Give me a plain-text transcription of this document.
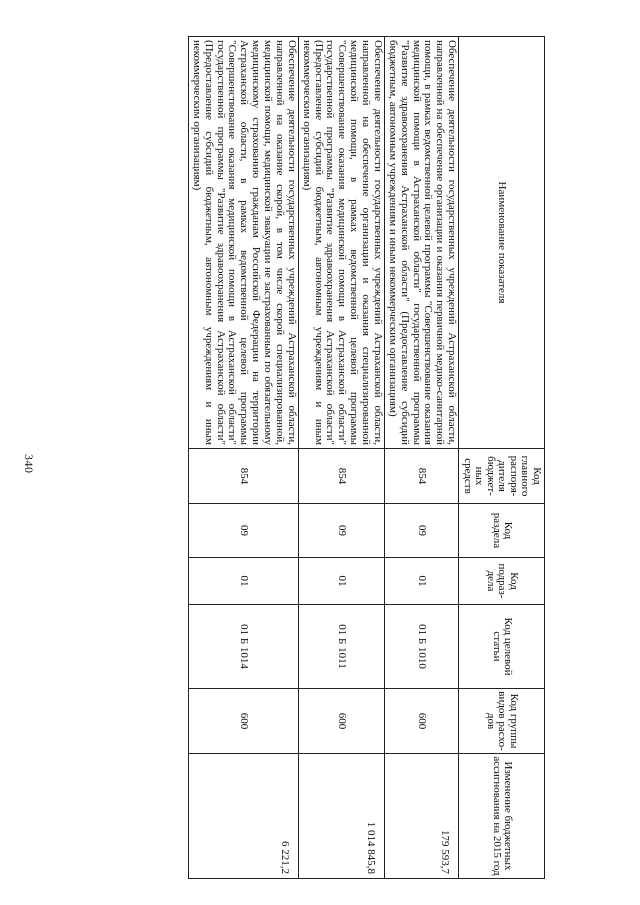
340
Наименование показателя	Код главного распоря-дителя бюджет-ных средств	Код раздела	Код подраз-дела	Код целевой статьи	Код группы видов расхо-дов	Изменение бюджетных ассигнования на 2015 год
Обеспечение деятельности государственных учреждений Астраханской области, направленной на обеспечение организации и оказания первичной медико-санитарной помощи, в рамках ведомственной целевой программы "Совершенствование оказания медицинской помощи в Астраханской области" государственной программы "Развитие здравоохранения Астраханской области" (Предоставление субсидий бюджетным, автономным учреждениям и иным некоммерческим организациям)	854	09	01	01 Б 1010	600	179 593,7
Обеспечение деятельности государственных учреждений Астраханской области, направленной на обеспечение организации и оказания специализированной медицинской помощи, в рамках ведомственной целевой программы "Совершенствование оказания медицинской помощи в Астраханской области" государственной программы "Развитие здравоохранения Астраханской области" (Предоставление субсидий бюджетным, автономным учреждениям и иным некоммерческим организациям)	854	09	01	01 Б 1011	600	1 014 845,8
Обеспечение деятельности государственных учреждений Астраханской области, направленной на оказание скорой, в том числе скорой специализированной, медицинской помощи, медицинской эвакуации не застрахованным по обязательному медицинскому страхованию гражданам Российской Федерации на территории Астраханской области, в рамках ведомственной целевой программы "Совершенствование оказания медицинской помощи в Астраханской области" государственной программы "Развитие здравоохранения Астраханской области" (Предоставление субсидий бюджетным, автономным учреждениям и иным некоммерческим организациям)	854	09	01	01 Б 1014	600	6 221,2
